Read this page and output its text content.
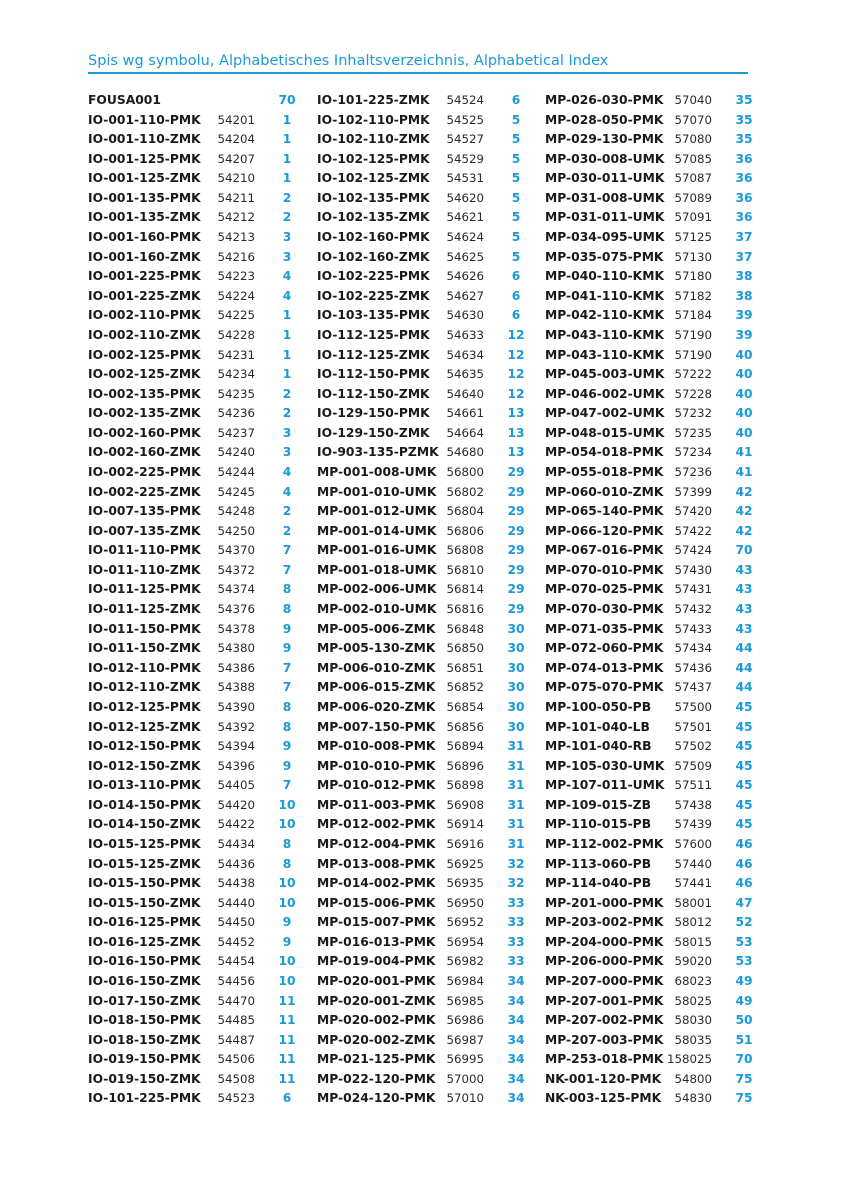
Spis wg symbolu, Alphabetisches Inhaltsverzeichnis, Alphabetical Index
FOUSA001	70
IO-001-110-PMK 54201	1
IO-001-110-ZMK 54204	1
IO-001-125-PMK 54207	1
IO-001-125-ZMK 54210	1
IO-001-135-PMK 54211	2
IO-001-135-ZMK 54212	2
IO-001-160-PMK 54213	3
IO-001-160-ZMK 54216	3
IO-001-225-PMK 54223	4
IO-001-225-ZMK 54224	4
IO-002-110-PMK 54225	1
IO-002-110-ZMK 54228	1
IO-002-125-PMK 54231	1
IO-002-125-ZMK 54234	1
IO-002-135-PMK 54235	2
IO-002-135-ZMK 54236	2
IO-002-160-PMK 54237	3
IO-002-160-ZMK 54240	3
IO-002-225-PMK 54244	4
IO-002-225-ZMK 54245	4
IO-007-135-PMK 54248	2
IO-007-135-ZMK 54250	2
IO-011-110-PMK 54370	7
IO-011-110-ZMK 54372	7
IO-011-125-PMK 54374	8
IO-011-125-ZMK 54376	8
IO-011-150-PMK 54378	9
IO-011-150-ZMK 54380	9
IO-012-110-PMK 54386	7
IO-012-110-ZMK 54388	7
IO-012-125-PMK 54390	8
IO-012-125-ZMK 54392	8
IO-012-150-PMK 54394	9
IO-012-150-ZMK 54396	9
IO-013-110-PMK 54405	7
IO-014-150-PMK 54420	10
IO-014-150-ZMK 54422	10
IO-015-125-PMK 54434	8
IO-015-125-ZMK 54436	8
IO-015-150-PMK 54438	10
IO-015-150-ZMK 54440	10
IO-016-125-PMK 54450	9
IO-016-125-ZMK 54452	9
IO-016-150-PMK 54454	10
IO-016-150-ZMK 54456	10
IO-017-150-ZMK 54470	11
IO-018-150-PMK 54485	11
IO-018-150-ZMK 54487	11
IO-019-150-PMK 54506	11
IO-019-150-ZMK 54508	11
IO-101-225-PMK 54523	6
IO-101-225-ZMK 54524	6
IO-102-110-PMK 54525	5
IO-102-110-ZMK 54527	5
IO-102-125-PMK 54529	5
IO-102-125-ZMK 54531	5
IO-102-135-PMK 54620	5
IO-102-135-ZMK 54621	5
IO-102-160-PMK 54624	5
IO-102-160-ZMK 54625	5
IO-102-225-PMK 54626	6
IO-102-225-ZMK 54627	6
IO-103-135-PMK 54630	6
IO-112-125-PMK 54633	12
IO-112-125-ZMK 54634	12
IO-112-150-PMK 54635	12
IO-112-150-ZMK 54640	12
IO-129-150-PMK 54661	13
IO-129-150-ZMK 54664	13
IO-903-135-PZMK 54680	13
MP-001-008-UMK 56800	29
MP-001-010-UMK 56802	29
MP-001-012-UMK 56804	29
MP-001-014-UMK 56806	29
MP-001-016-UMK 56808	29
MP-001-018-UMK 56810	29
MP-002-006-UMK 56814	29
MP-002-010-UMK 56816	29
MP-005-006-ZMK 56848	30
MP-005-130-ZMK 56850	30
MP-006-010-ZMK 56851	30
MP-006-015-ZMK 56852	30
MP-006-020-ZMK 56854	30
MP-007-150-PMK 56856	30
MP-010-008-PMK 56894	31
MP-010-010-PMK 56896	31
MP-010-012-PMK 56898	31
MP-011-003-PMK 56908	31
MP-012-002-PMK 56914	31
MP-012-004-PMK 56916	31
MP-013-008-PMK 56925	32
MP-014-002-PMK 56935	32
MP-015-006-PMK 56950	33
MP-015-007-PMK 56952	33
MP-016-013-PMK 56954	33
MP-019-004-PMK 56982	33
MP-020-001-PMK 56984	34
MP-020-001-ZMK 56985	34
MP-020-002-PMK 56986	34
MP-020-002-ZMK 56987	34
MP-021-125-PMK 56995	34
MP-022-120-PMK 57000	34
MP-024-120-PMK 57010	34
MP-026-030-PMK 57040	35
MP-028-050-PMK 57070	35
MP-029-130-PMK 57080	35
MP-030-008-UMK 57085	36
MP-030-011-UMK 57087	36
MP-031-008-UMK 57089	36
MP-031-011-UMK 57091	36
MP-034-095-UMK 57125	37
MP-035-075-PMK 57130	37
MP-040-110-KMK 57180	38
MP-041-110-KMK 57182	38
MP-042-110-KMK 57184	39
MP-043-110-KMK 57190	39
MP-043-110-KMK 57190	40
MP-045-003-UMK 57222	40
MP-046-002-UMK 57228	40
MP-047-002-UMK 57232	40
MP-048-015-UMK 57235	40
MP-054-018-PMK 57234	41
MP-055-018-PMK 57236	41
MP-060-010-ZMK 57399	42
MP-065-140-PMK 57420	42
MP-066-120-PMK 57422	42
MP-067-016-PMK 57424	70
MP-070-010-PMK 57430	43
MP-070-025-PMK 57431	43
MP-070-030-PMK 57432	43
MP-071-035-PMK 57433	43
MP-072-060-PMK 57434	44
MP-074-013-PMK 57436	44
MP-075-070-PMK 57437	44
MP-100-050-PB 57500	45
MP-101-040-LB 57501	45
MP-101-040-RB 57502	45
MP-105-030-UMK 57509	45
MP-107-011-UMK 57511	45
MP-109-015-ZB 57438	45
MP-110-015-PB 57439	45
MP-112-002-PMK 57600	46
MP-113-060-PB 57440	46
MP-114-040-PB 57441	46
MP-201-000-PMK 58001	47
MP-203-002-PMK 58012	52
MP-204-000-PMK 58015	53
MP-206-000-PMK 59020	53
MP-207-000-PMK 68023	49
MP-207-001-PMK 58025	49
MP-207-002-PMK 58030	50
MP-207-003-PMK 58035	51
MP-253-018-PMK 158025	70
NK-001-120-PMK 54800	75
NK-003-125-PMK 54830	75
